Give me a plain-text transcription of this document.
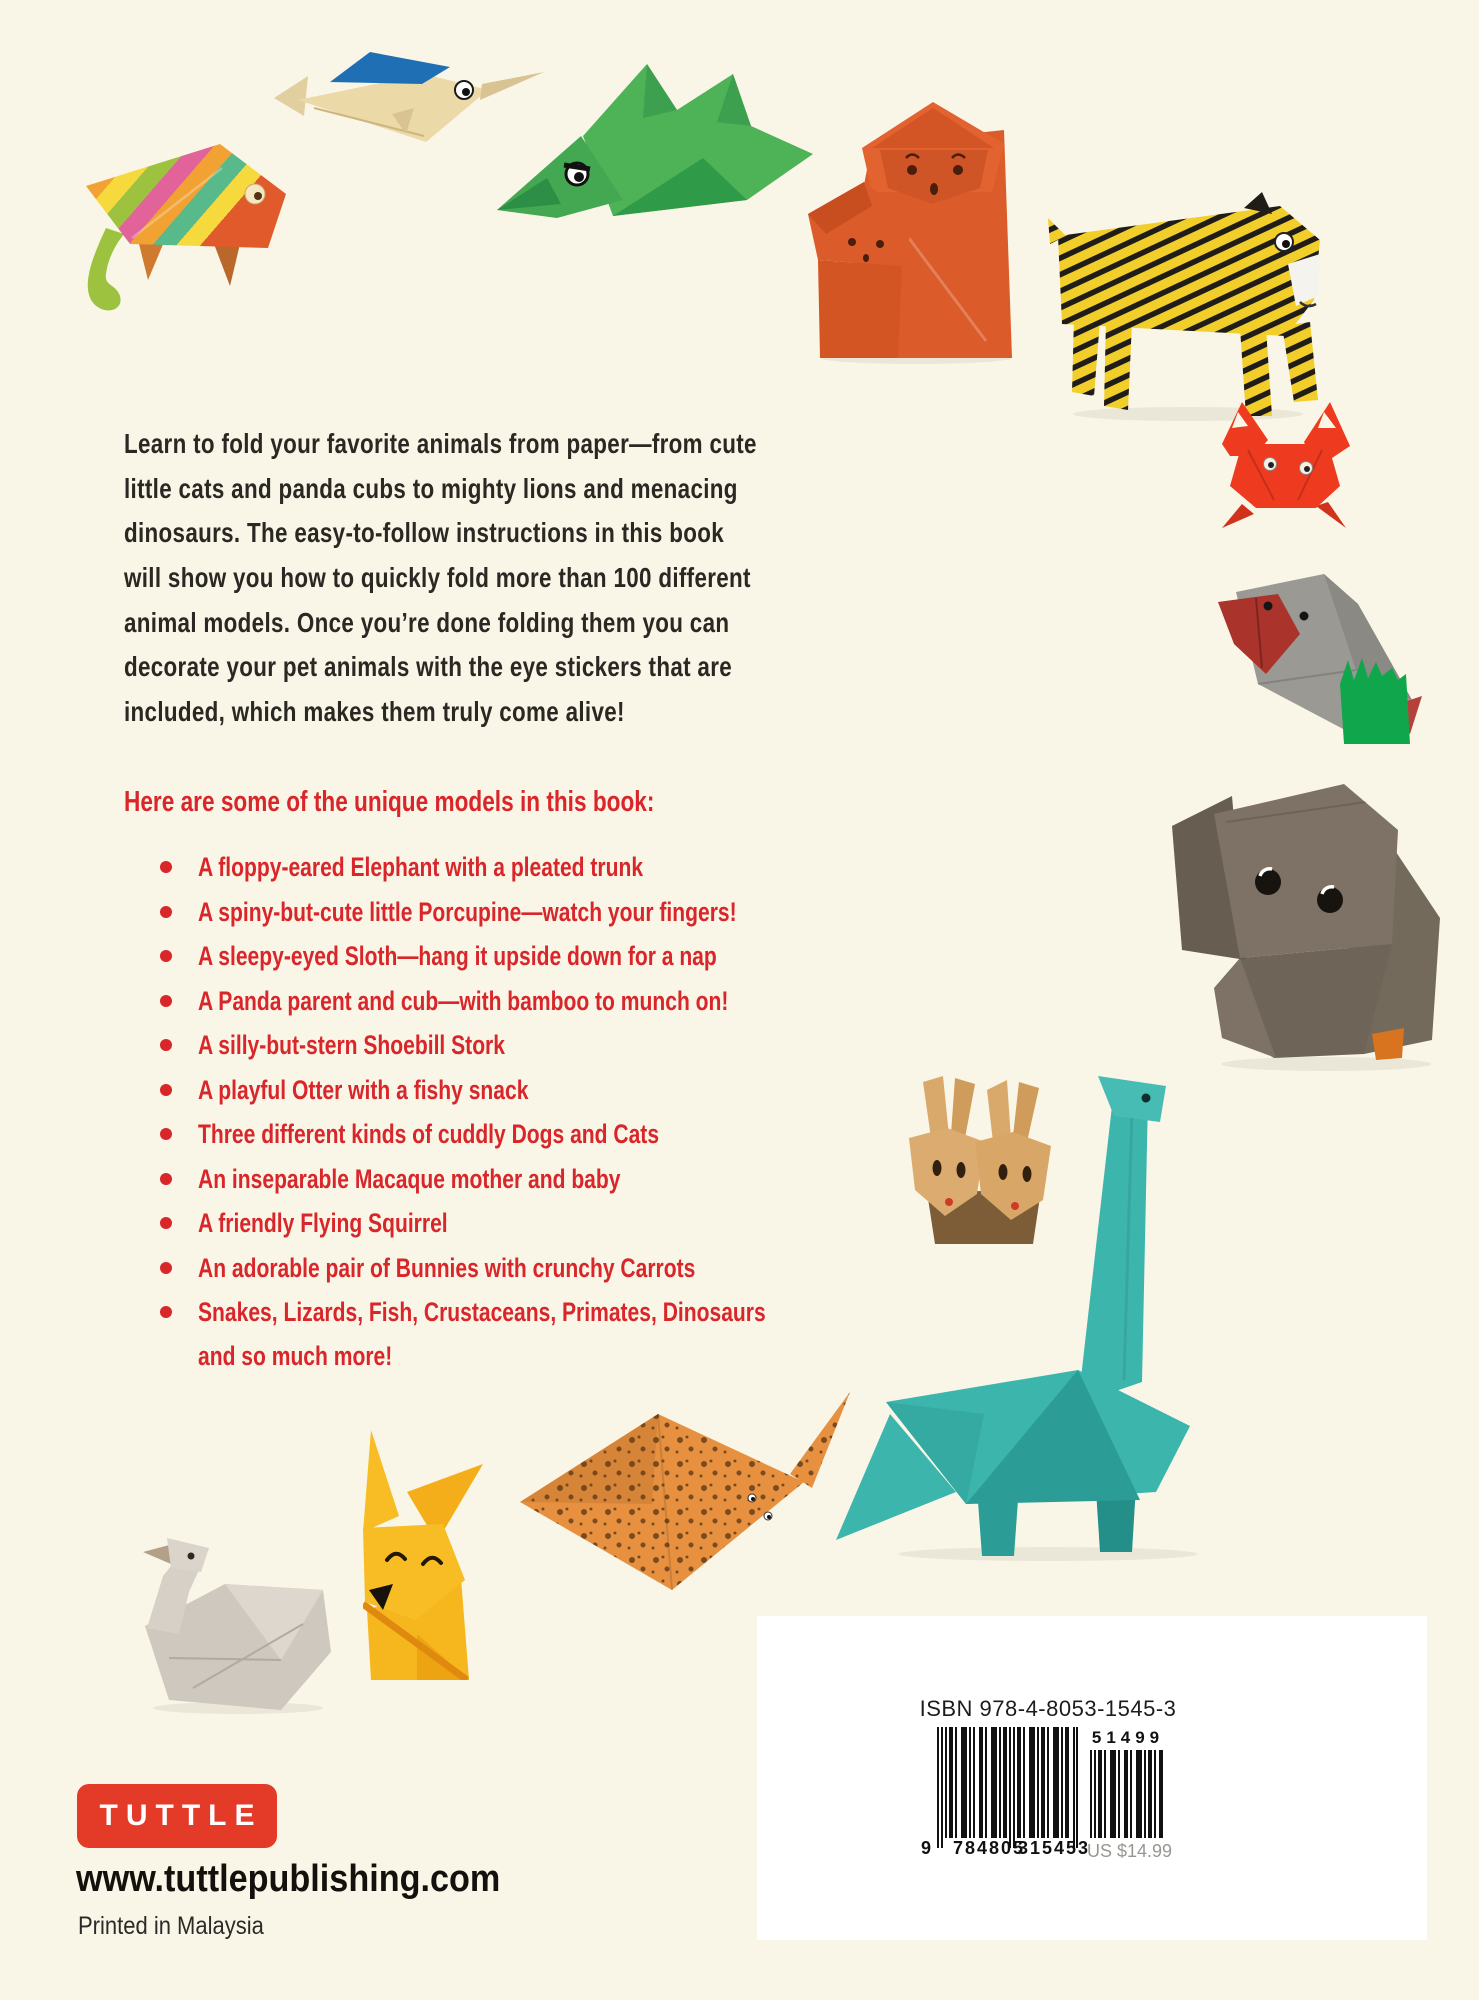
Learn to fold your favorite animals from paper—from cute
little cats and panda cubs to mighty lions and menacing
dinosaurs. The easy-to-follow instructions in this book
will show you how to quickly fold more than 100 different
animal models. Once you’re done folding them you can
decorate your pet animals with the eye stickers that are
included, which makes them truly come alive!
Here are some of the unique models in this book:
A floppy-eared Elephant with a pleated trunk
A spiny-but-cute little Porcupine—watch your fingers!
A sleepy-eyed Sloth—hang it upside down for a nap
A Panda parent and cub—with bamboo to munch on!
A silly-but-stern Shoebill Stork
A playful Otter with a fishy snack
Three different kinds of cuddly Dogs and Cats
An inseparable Macaque mother and baby
A friendly Flying Squirrel
An adorable pair of Bunnies with crunchy Carrots
Snakes, Lizards, Fish, Crustaceans, Primates, Dinosaurs
and so much more!
TUTTLE
www.tuttlepublishing.com
Printed in Malaysia
ISBN 978-4-8053-1545-3
9 784805
315453
51499
US $14.99
